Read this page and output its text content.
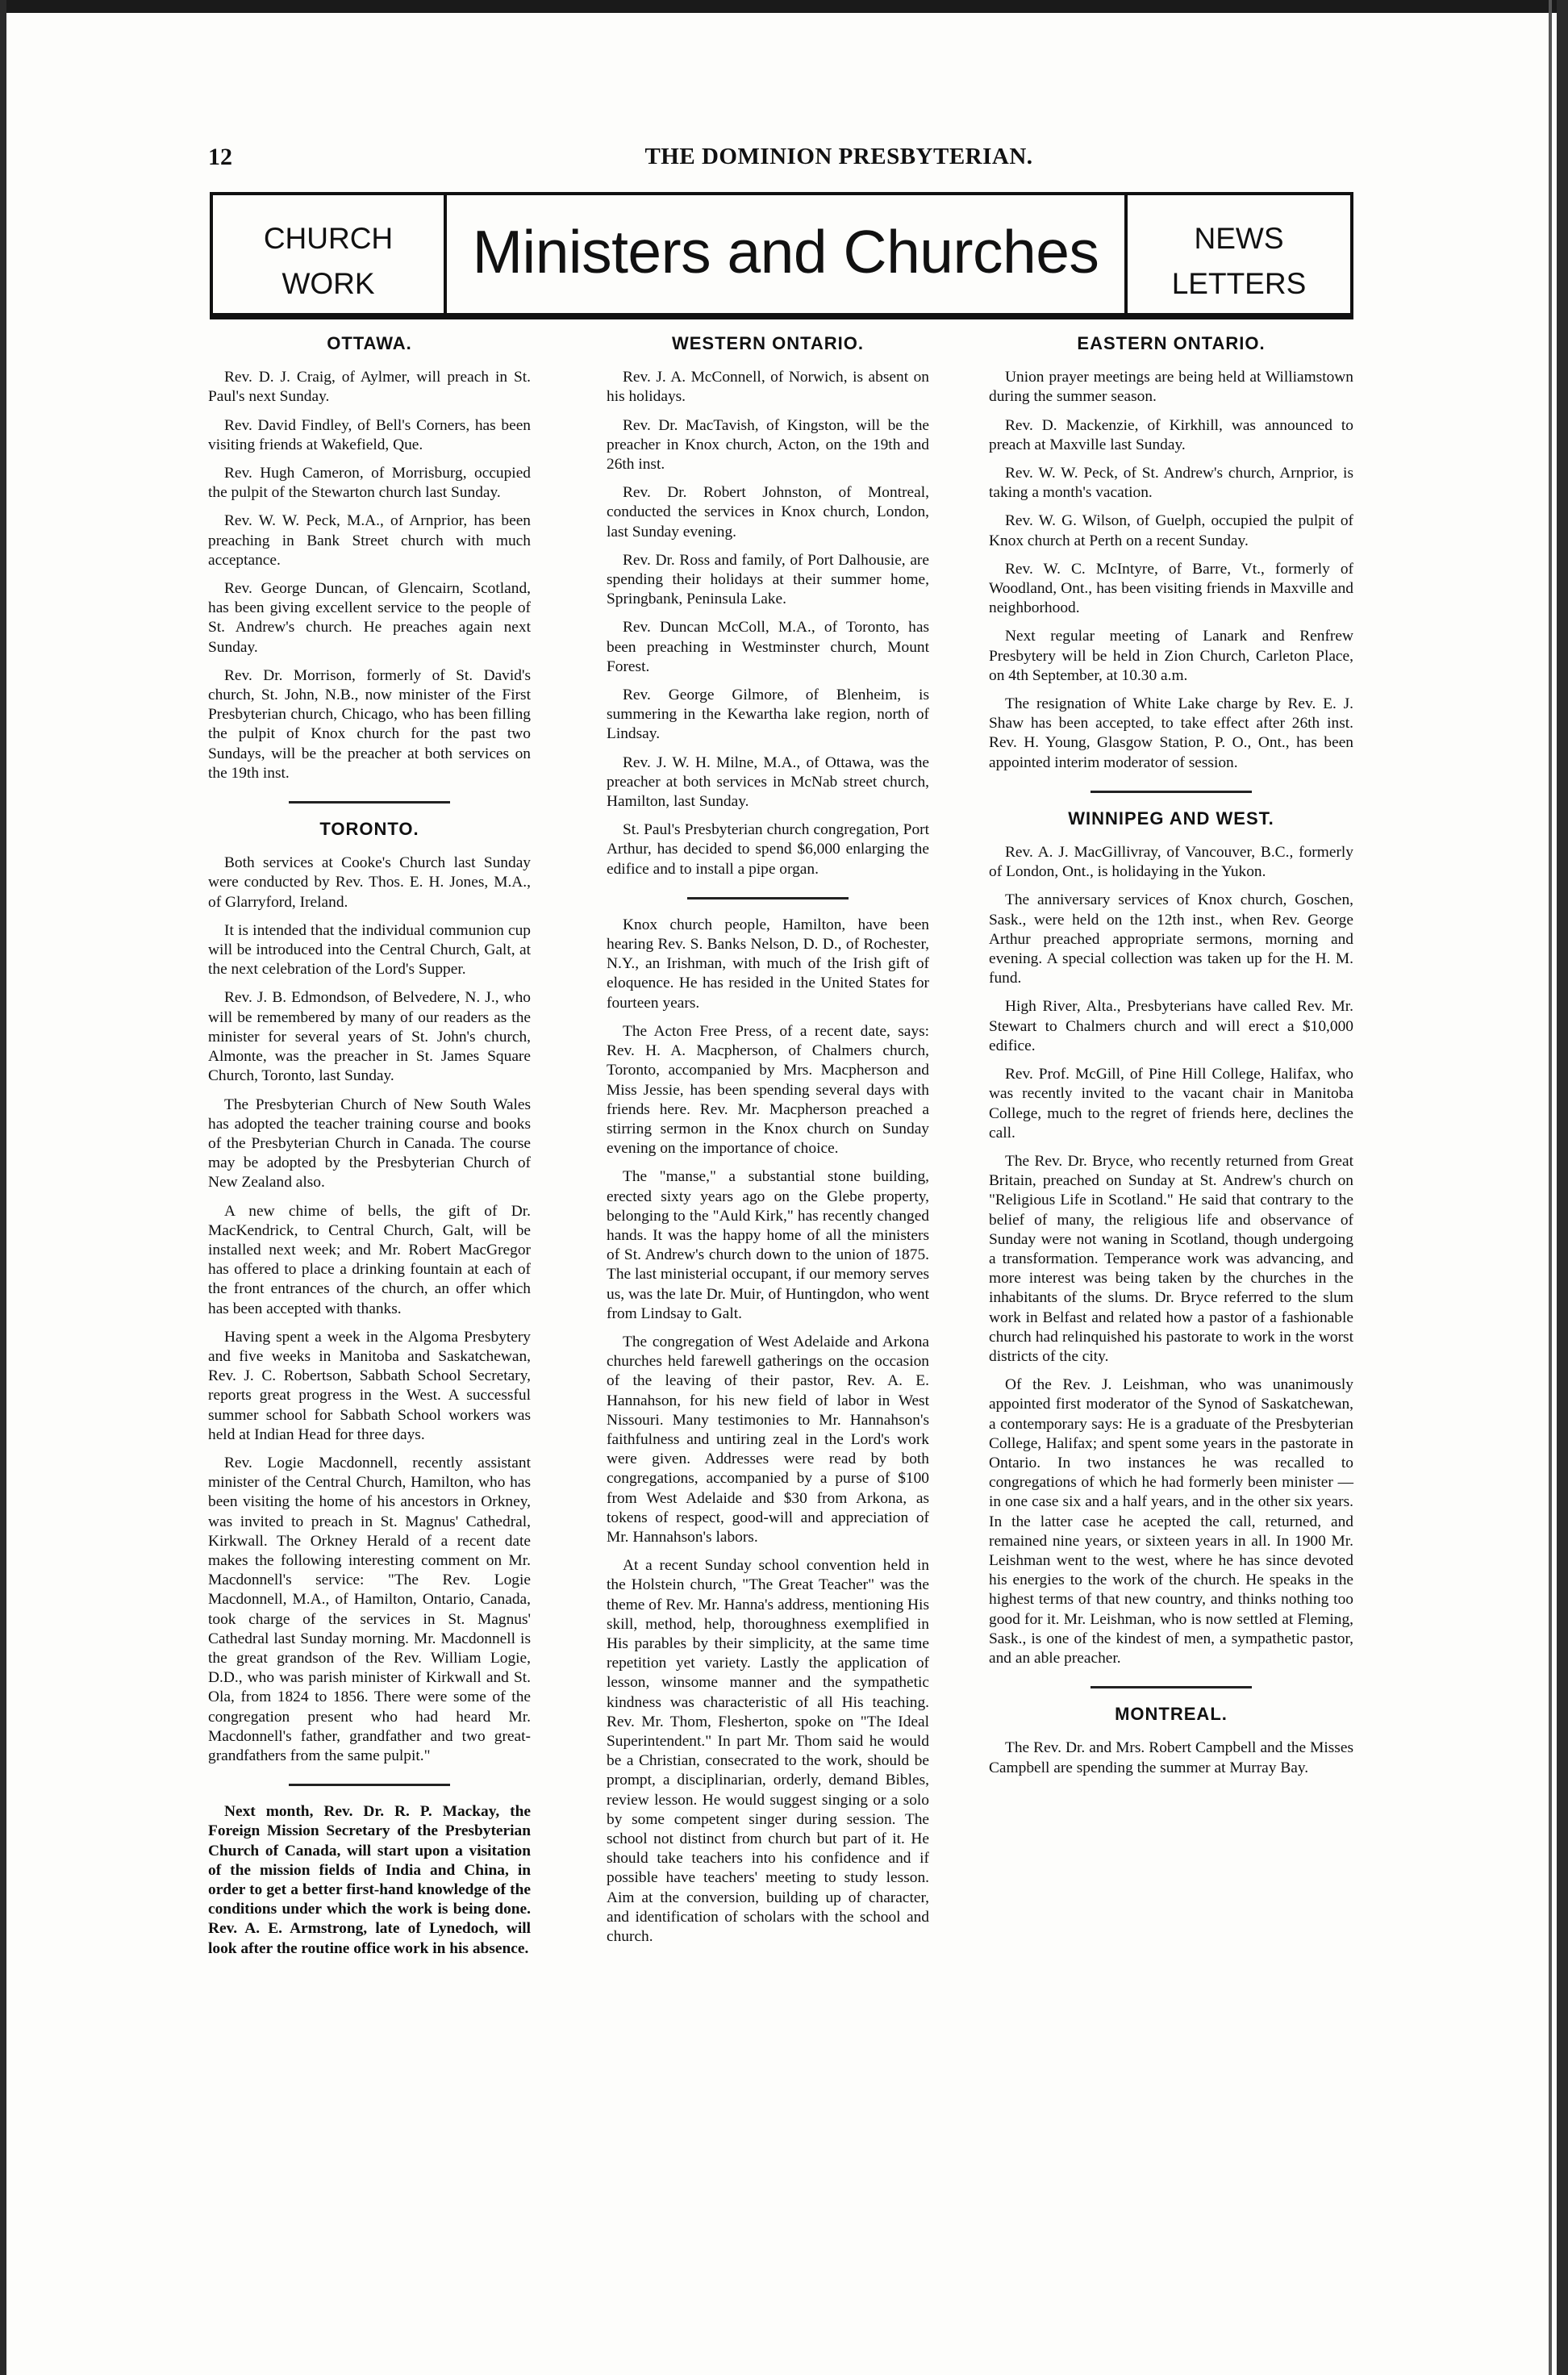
12	THE DOMINION PRESBYTERIAN.
CHURCH
WORK	Ministers and Churches	NEWS
LETTERS
OTTAWA.

Rev. D. J. Craig, of Aylmer, will preach in St. Paul's next Sunday.

Rev. David Findley, of Bell's Corners, has been visiting friends at Wakefield, Que.

Rev. Hugh Cameron, of Morrisburg, occupied the pulpit of the Stewarton church last Sunday.

Rev. W. W. Peck, M.A., of Arnprior, has been preaching in Bank Street church with much acceptance.

Rev. George Duncan, of Glencairn, Scotland, has been giving excellent service to the people of St. Andrew's church. He preaches again next Sunday.

Rev. Dr. Morrison, formerly of St. David's church, St. John, N.B., now minister of the First Presbyterian church, Chicago, who has been filling the pulpit of Knox church for the past two Sundays, will be the preacher at both services on the 19th inst.

TORONTO.

Both services at Cooke's Church last Sunday were conducted by Rev. Thos. E. H. Jones, M.A., of Glarryford, Ireland.

It is intended that the individual communion cup will be introduced into the Central Church, Galt, at the next celebration of the Lord's Supper.

Rev. J. B. Edmondson, of Belvedere, N. J., who will be remembered by many of our readers as the minister for several years of St. John's church, Almonte, was the preacher in St. James Square Church, Toronto, last Sunday.

The Presbyterian Church of New South Wales has adopted the teacher training course and books of the Presbyterian Church in Canada. The course may be adopted by the Presbyterian Church of New Zealand also.

A new chime of bells, the gift of Dr. MacKendrick, to Central Church, Galt, will be installed next week; and Mr. Robert MacGregor has offered to place a drinking fountain at each of the front entrances of the church, an offer which has been accepted with thanks.

Having spent a week in the Algoma Presbytery and five weeks in Manitoba and Saskatchewan, Rev. J. C. Robertson, Sabbath School Secretary, reports great progress in the West. A successful summer school for Sabbath School workers was held at Indian Head for three days.

Rev. Logie Macdonnell, recently assistant minister of the Central Church, Hamilton, who has been visiting the home of his ancestors in Orkney, was invited to preach in St. Magnus' Cathedral, Kirkwall. The Orkney Herald of a recent date makes the following interesting comment on Mr. Macdonnell's service: "The Rev. Logie Macdonnell, M.A., of Hamilton, Ontario, Canada, took charge of the services in St. Magnus' Cathedral last Sunday morning. Mr. Macdonnell is the great grandson of the Rev. William Logie, D.D., who was parish minister of Kirkwall and St. Ola, from 1824 to 1856. There were some of the congregation present who had heard Mr. Macdonnell's father, grandfather and two great-grandfathers from the same pulpit."

Next month, Rev. Dr. R. P. Mackay, the Foreign Mission Secretary of the Presbyterian Church of Canada, will start upon a visitation of the mission fields of India and China, in order to get a better first-hand knowledge of the conditions under which the work is being done. Rev. A. E. Armstrong, late of Lynedoch, will look after the routine office work in his absence.

WESTERN ONTARIO.

Rev. J. A. McConnell, of Norwich, is absent on his holidays.

Rev. Dr. MacTavish, of Kingston, will be the preacher in Knox church, Acton, on the 19th and 26th inst.

Rev. Dr. Robert Johnston, of Montreal, conducted the services in Knox church, London, last Sunday evening.

Rev. Dr. Ross and family, of Port Dalhousie, are spending their holidays at their summer home, Springbank, Peninsula Lake.

Rev. Duncan McColl, M.A., of Toronto, has been preaching in Westminster church, Mount Forest.

Rev. George Gilmore, of Blenheim, is summering in the Kewartha lake region, north of Lindsay.

Rev. J. W. H. Milne, M.A., of Ottawa, was the preacher at both services in McNab street church, Hamilton, last Sunday.

St. Paul's Presbyterian church congregation, Port Arthur, has decided to spend $6,000 enlarging the edifice and to install a pipe organ.

Knox church people, Hamilton, have been hearing Rev. S. Banks Nelson, D. D., of Rochester, N.Y., an Irishman, with much of the Irish gift of eloquence. He has resided in the United States for fourteen years.

The Acton Free Press, of a recent date, says: Rev. H. A. Macpherson, of Chalmers church, Toronto, accompanied by Mrs. Macpherson and Miss Jessie, has been spending several days with friends here. Rev. Mr. Macpherson preached a stirring sermon in the Knox church on Sunday evening on the importance of choice.

The "manse," a substantial stone building, erected sixty years ago on the Glebe property, belonging to the "Auld Kirk," has recently changed hands. It was the happy home of all the ministers of St. Andrew's church down to the union of 1875. The last ministerial occupant, if our memory serves us, was the late Dr. Muir, of Huntingdon, who went from Lindsay to Galt.

The congregation of West Adelaide and Arkona churches held farewell gatherings on the occasion of the leaving of their pastor, Rev. A. E. Hannahson, for his new field of labor in West Nissouri. Many testimonies to Mr. Hannahson's faithfulness and untiring zeal in the Lord's work were given. Addresses were read by both congregations, accompanied by a purse of $100 from West Adelaide and $30 from Arkona, as tokens of respect, good-will and appreciation of Mr. Hannahson's labors.

At a recent Sunday school convention held in the Holstein church, "The Great Teacher" was the theme of Rev. Mr. Hanna's address, mentioning His skill, method, help, thoroughness exemplified in His parables by their simplicity, at the same time repetition yet variety. Lastly the application of lesson, winsome manner and the sympathetic kindness was characteristic of all His teaching. Rev. Mr. Thom, Flesherton, spoke on "The Ideal Superintendent." In part Mr. Thom said he would be a Christian, consecrated to the work, should be prompt, a disciplinarian, orderly, demand Bibles, review lesson. He would suggest singing or a solo by some competent singer during session. The school not distinct from church but part of it. He should take teachers into his confidence and if possible have teachers' meeting to study lesson. Aim at the conversion, building up of character, and identification of scholars with the school and church.

EASTERN ONTARIO.

Union prayer meetings are being held at Williamstown during the summer season.

Rev. D. Mackenzie, of Kirkhill, was announced to preach at Maxville last Sunday.

Rev. W. W. Peck, of St. Andrew's church, Arnprior, is taking a month's vacation.

Rev. W. G. Wilson, of Guelph, occupied the pulpit of Knox church at Perth on a recent Sunday.

Rev. W. C. McIntyre, of Barre, Vt., formerly of Woodland, Ont., has been visiting friends in Maxville and neighborhood.

Next regular meeting of Lanark and Renfrew Presbytery will be held in Zion Church, Carleton Place, on 4th September, at 10.30 a.m.

The resignation of White Lake charge by Rev. E. J. Shaw has been accepted, to take effect after 26th inst. Rev. H. Young, Glasgow Station, P. O., Ont., has been appointed interim moderator of session.

WINNIPEG AND WEST.

Rev. A. J. MacGillivray, of Vancouver, B.C., formerly of London, Ont., is holidaying in the Yukon.

The anniversary services of Knox church, Goschen, Sask., were held on the 12th inst., when Rev. George Arthur preached appropriate sermons, morning and evening. A special collection was taken up for the H. M. fund.

High River, Alta., Presbyterians have called Rev. Mr. Stewart to Chalmers church and will erect a $10,000 edifice.

Rev. Prof. McGill, of Pine Hill College, Halifax, who was recently invited to the vacant chair in Manitoba College, much to the regret of friends here, declines the call.

The Rev. Dr. Bryce, who recently returned from Great Britain, preached on Sunday at St. Andrew's church on "Religious Life in Scotland." He said that contrary to the belief of many, the religious life and observance of Sunday were not waning in Scotland, though undergoing a transformation. Temperance work was advancing, and more interest was being taken by the churches in the inhabitants of the slums. Dr. Bryce referred to the slum work in Belfast and related how a pastor of a fashionable church had relinquished his pastorate to work in the worst districts of the city.

Of the Rev. J. Leishman, who was unanimously appointed first moderator of the Synod of Saskatchewan, a contemporary says: He is a graduate of the Presbyterian College, Halifax; and spent some years in the pastorate in Ontario. In two instances he was recalled to congregations of which he had formerly been minister —in one case six and a half years, and in the other six years. In the latter case he acepted the call, returned, and remained nine years, or sixteen years in all. In 1900 Mr. Leishman went to the west, where he has since devoted his energies to the work of the church. He speaks in the highest terms of that new country, and thinks nothing too good for it. Mr. Leishman, who is now settled at Fleming, Sask., is one of the kindest of men, a sympathetic pastor, and an able preacher.

MONTREAL.

The Rev. Dr. and Mrs. Robert Campbell and the Misses Campbell are spending the summer at Murray Bay.
